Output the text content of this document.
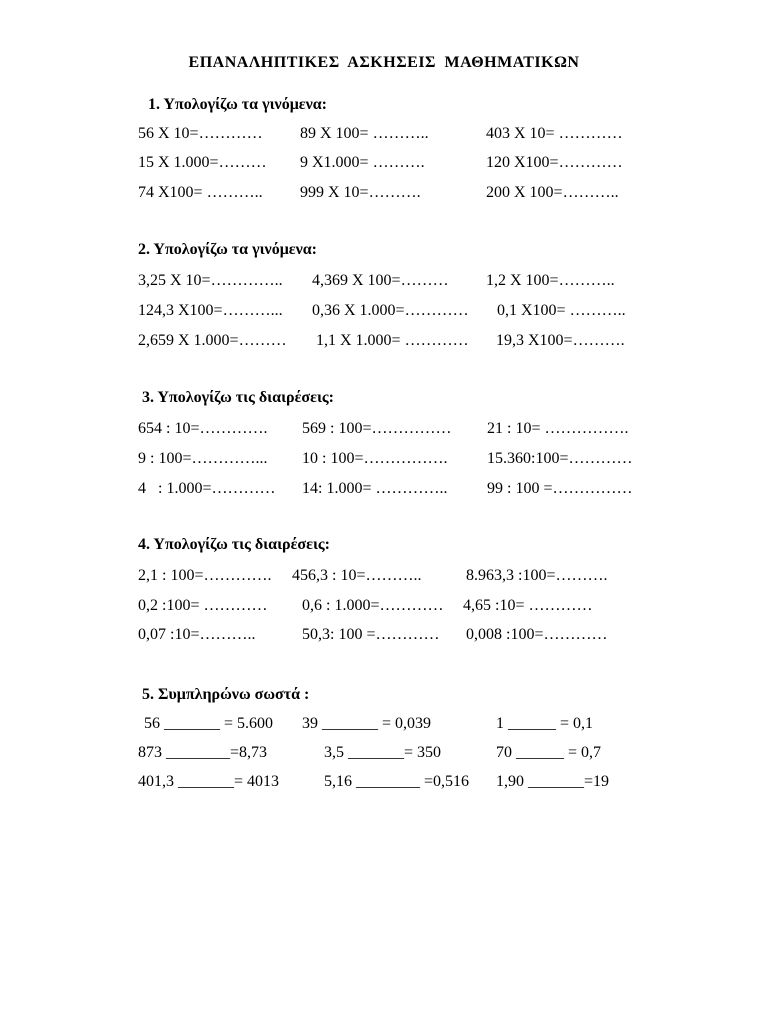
ΕΠΑΝΑΛΗΠΤΙΚΕΣ ΑΣΚΗΣΕΙΣ ΜΑΘΗΜΑΤΙΚΩΝ
1. Υπολογίζω τα γινόμενα:
56 Χ 10=………… 89 Χ 100= ………..	403 Χ 10= …………
15 Χ 1.000=……… 9 Χ1.000= ……….	120 Χ100=…………
74 Χ100= ……….. 999 Χ 10=……….	200 Χ 100=………..
2. Υπολογίζω τα γινόμενα:
3,25 Χ 10=………….. 4,369 Χ 100=……… 1,2 Χ 100=………..
124,3 Χ100=………... 0,36 Χ 1.000=………… 0,1 Χ100= ………..
2,659 Χ 1.000=……… 1,1 Χ 1.000= ………… 19,3 Χ100=……….
3. Υπολογίζω τις διαιρέσεις:
654 : 10=…………. 569 : 100=…………… 21 : 10= …………….
9 : 100=…………... 10 : 100=……………. 15.360:100=…………
4   : 1.000=………… 14: 1.000= ………….. 99 : 100 =……………
4. Υπολογίζω τις διαιρέσεις:
2,1 : 100=…………. 456,3 : 10=………..	8.963,3 :100=……….
0,2 :100= ………… 0,6 : 1.000=………… 4,65 :10= …………
0,07 :10=………..	50,3: 100 =………… 0,008 :100=…………
5. Συμπληρώνω σωστά :
56 _______ = 5.600 39 _______ = 0,039	1 ______ = 0,1
873 ________=8,73	3,5 _______= 350	70 ______ = 0,7
401,3 _______= 4013	5,16 ________ =0,516 1,90 _______=19
